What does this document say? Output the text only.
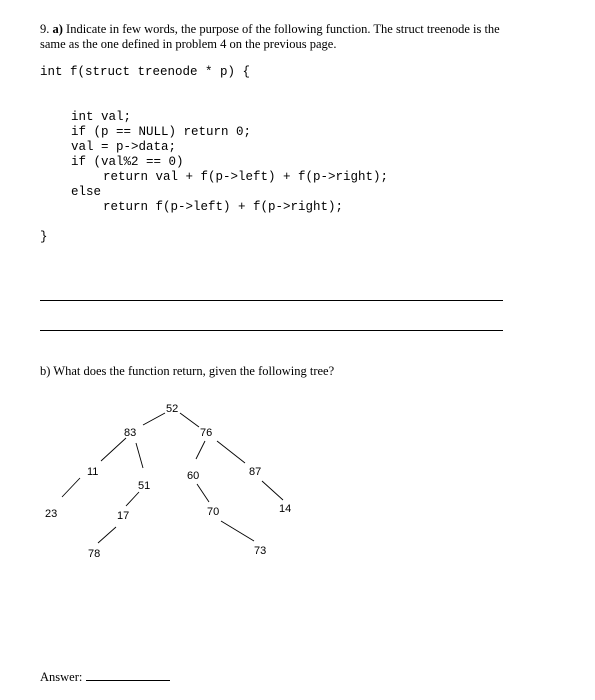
9. a) Indicate in few words, the purpose of the following function. The struct treenode is the
same as the one defined in problem 4 on the previous page.
int f(struct treenode * p) {
int val;
if (p == NULL) return 0;
val = p->data;
if (val%2 == 0)
return val + f(p->left) + f(p->right);
else
return f(p->left) + f(p->right);
}
b) What does the function return, given the following tree?
52
83	76
11
51
60	87
23	17	70	14
78	73
Answer:
